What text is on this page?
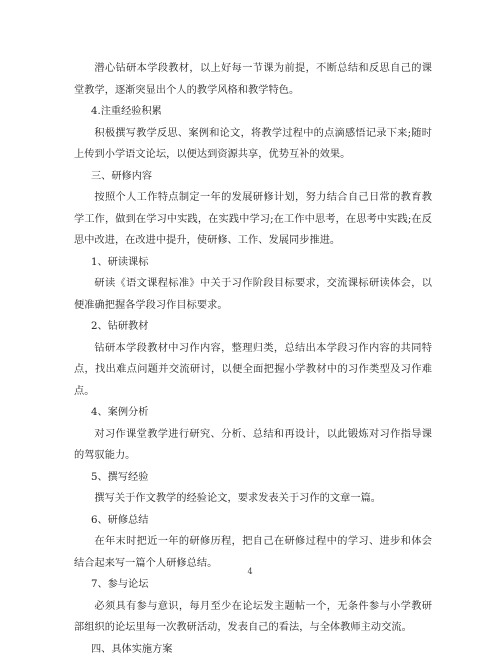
潜心钻研本学段教材，以上好每一节课为前提，不断总结和反思自己的课堂教学，逐渐突显出个人的教学风格和教学特色。

4.注重经验积累

积极撰写教学反思、案例和论文，将教学过程中的点滴感悟记录下来;随时上传到小学语文论坛，以便达到资源共享，优势互补的效果。

三、研修内容

按照个人工作特点制定一年的发展研修计划，努力结合自己日常的教育教学工作，做到在学习中实践，在实践中学习;在工作中思考，在思考中实践;在反思中改进，在改进中提升，使研修、工作、发展同步推进。

1、研读课标

研读《语文课程标准》中关于习作阶段目标要求，交流课标研读体会，以便准确把握各学段习作目标要求。

2、钻研教材

钻研本学段教材中习作内容，整理归类，总结出本学段习作内容的共同特点，找出难点问题并交流研讨，以便全面把握小学教材中的习作类型及习作难点。

4、案例分析

对习作课堂教学进行研究、分析、总结和再设计，以此锻炼对习作指导课的驾驭能力。

5、撰写经验

撰写关于作文教学的经验论文，要求发表关于习作的文章一篇。

6、研修总结

在年末时把近一年的研修历程，把自己在研修过程中的学习、进步和体会结合起来写一篇个人研修总结。

7、参与论坛

必须具有参与意识，每月至少在论坛发主题帖一个，无条件参与小学教研部组织的论坛里每一次教研活动，发表自己的看法，与全体教师主动交流。

四、具体实施方案

4
